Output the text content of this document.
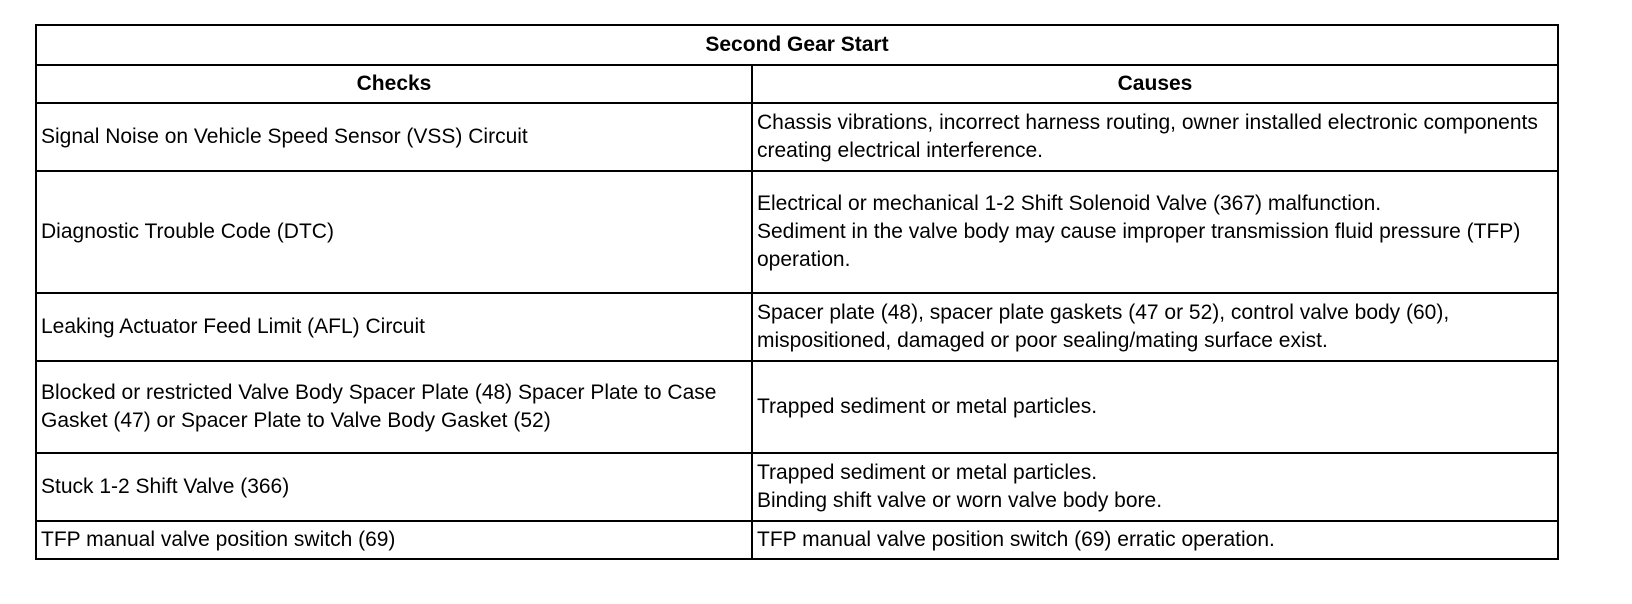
Second Gear Start	
Checks	Causes
Signal Noise on Vehicle Speed Sensor (VSS) Circuit	Chassis vibrations, incorrect harness routing, owner installed electronic components creating electrical interference.

Diagnostic Trouble Code (DTC)	Electrical or mechanical 1-2 Shift Solenoid Valve (367) malfunction.
Sediment in the valve body may cause improper transmission fluid pressure (TFP) operation.

Leaking Actuator Feed Limit (AFL) Circuit	Spacer plate (48), spacer plate gaskets (47 or 52), control valve body (60), mispositioned, damaged or poor sealing/mating surface exist.

Blocked or restricted Valve Body Spacer Plate (48) Spacer Plate to Case Gasket (47) or Spacer Plate to Valve Body Gasket (52)	Trapped sediment or metal particles.

Stuck 1-2 Shift Valve (366)	Trapped sediment or metal particles.
Binding shift valve or worn valve body bore.

TFP manual valve position switch (69)	TFP manual valve position switch (69) erratic operation.
